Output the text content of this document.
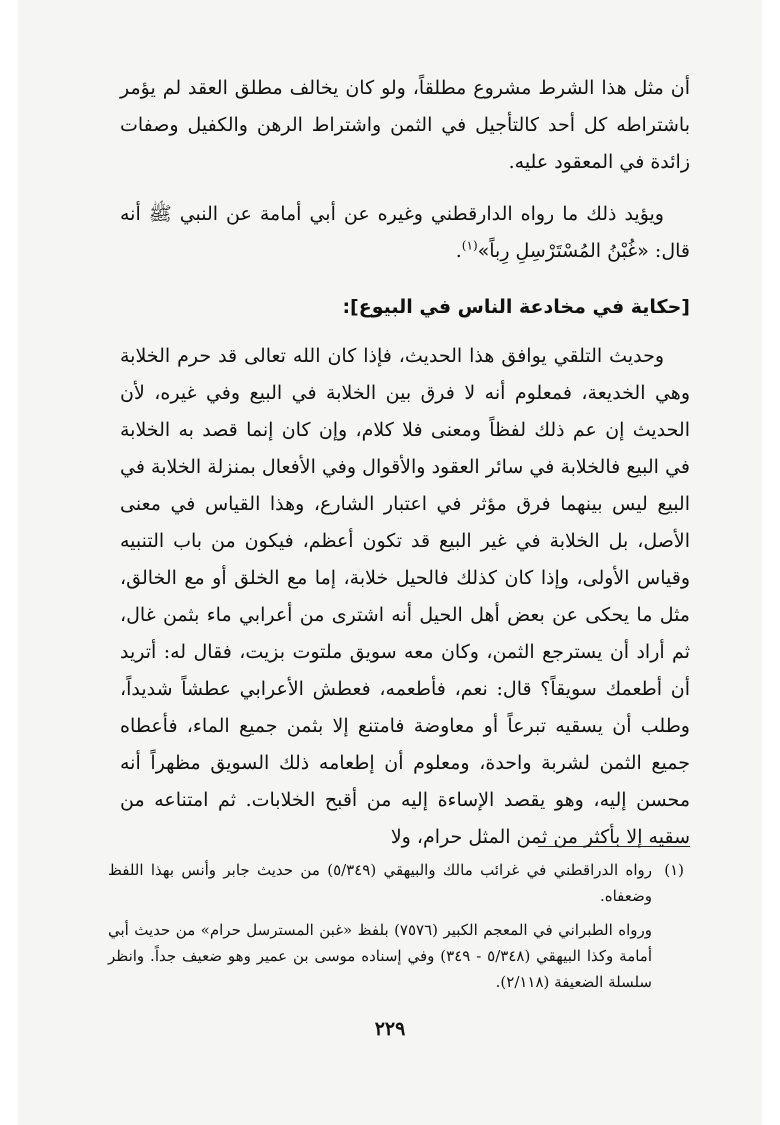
أن مثل هذا الشرط مشروع مطلقاً، ولو كان يخالف مطلق العقد لم يؤمر باشتراطه كل أحد كالتأجيل في الثمن واشتراط الرهن والكفيل وصفات زائدة في المعقود عليه.
ويؤيد ذلك ما رواه الدارقطني وغيره عن أبي أمامة عن النبي ﷺ أنه قال: «غُبْنُ المُسْتَرْسِلِ رِباً»$^{(١)}$.
[حكاية في مخادعة الناس في البيوع]:
وحديث التلقي يوافق هذا الحديث، فإذا كان الله تعالى قد حرم الخلابة وهي الخديعة، فمعلوم أنه لا فرق بين الخلابة في البيع وفي غيره، لأن الحديث إن عم ذلك لفظاً ومعنى فلا كلام، وإن كان إنما قصد به الخلابة في البيع فالخلابة في سائر العقود والأقوال وفي الأفعال بمنزلة الخلابة في البيع ليس بينهما فرق مؤثر في اعتبار الشارع، وهذا القياس في معنى الأصل، بل الخلابة في غير البيع قد تكون أعظم، فيكون من باب التنبيه وقياس الأولى، وإذا كان كذلك فالحيل خلابة، إما مع الخلق أو مع الخالق، مثل ما يحكى عن بعض أهل الحيل أنه اشترى من أعرابي ماء بثمن غال، ثم أراد أن يسترجع الثمن، وكان معه سويق ملتوت بزيت، فقال له: أتريد أن أطعمك سويقاً؟ قال: نعم، فأطعمه، فعطش الأعرابي عطشاً شديداً، وطلب أن يسقيه تبرعاً أو معاوضة فامتنع إلا بثمن جميع الماء، فأعطاه جميع الثمن لشربة واحدة، ومعلوم أن إطعامه ذلك السويق مظهراً أنه محسن إليه، وهو يقصد الإساءة إليه من أقبح الخلابات. ثم امتناعه من سقيه إلا بأكثر من ثمن المثل حرام، ولا
(١)
رواه الدراقطني في غرائب مالك والبيهقي (٥/٣٤٩) من حديث جابر وأنس بهذا اللفظ وضعفاه.
ورواه الطبراني في المعجم الكبير (٧٥٧٦) بلفظ «غبن المسترسل حرام» من حديث أبي أمامة وكذا البيهقي (٥/٣٤٨ - ٣٤٩) وفي إسناده موسى بن عمير وهو ضعيف جداً. وانظر سلسلة الضعيفة (٢/١١٨).
٢٢٩
